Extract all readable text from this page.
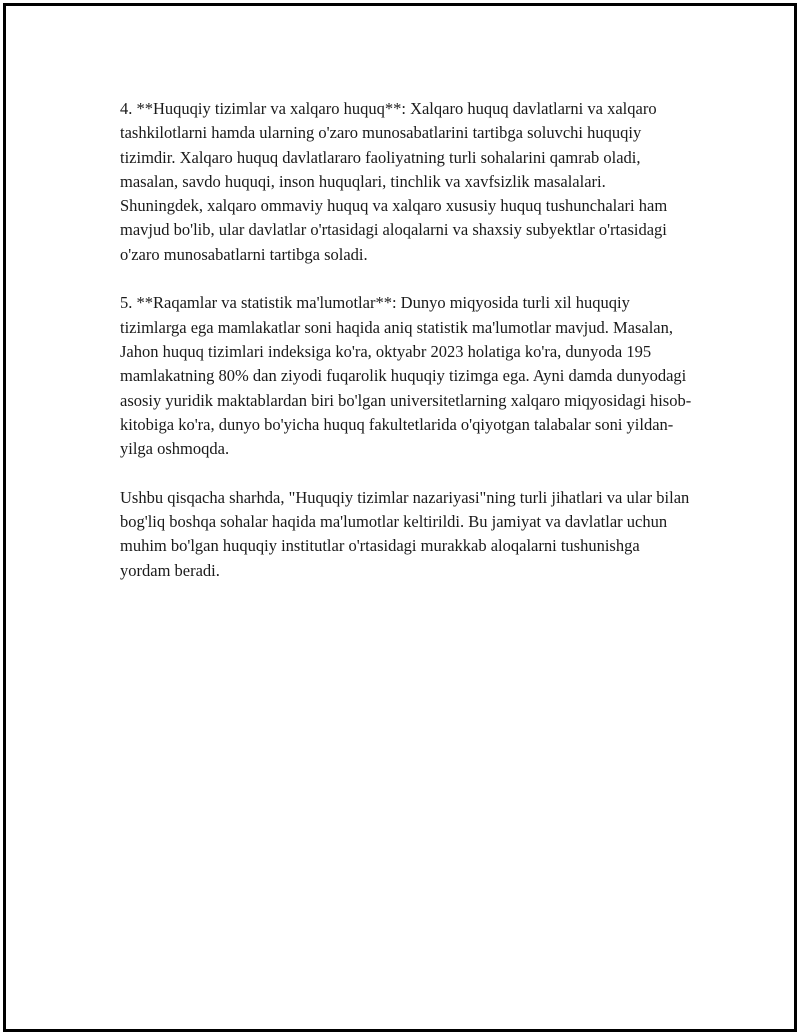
4. **Huquqiy tizimlar va xalqaro huquq**: Xalqaro huquq davlatlarni va xalqaro tashkilotlarni hamda ularning o'zaro munosabatlarini tartibga soluvchi huquqiy tizimdir. Xalqaro huquq davlatlararo faoliyatning turli sohalarini qamrab oladi, masalan, savdo huquqi, inson huquqlari, tinchlik va xavfsizlik masalalari. Shuningdek, xalqaro ommaviy huquq va xalqaro xususiy huquq tushunchalari ham mavjud bo'lib, ular davlatlar o'rtasidagi aloqalarni va shaxsiy subyektlar o'rtasidagi o'zaro munosabatlarni tartibga soladi.

5. **Raqamlar va statistik ma'lumotlar**: Dunyo miqyosida turli xil huquqiy tizimlarga ega mamlakatlar soni haqida aniq statistik ma'lumotlar mavjud. Masalan, Jahon huquq tizimlari indeksiga ko'ra, oktyabr 2023 holatiga ko'ra, dunyoda 195 mamlakatning 80% dan ziyodi fuqarolik huquqiy tizimga ega. Ayni damda dunyodagi asosiy yuridik maktablardan biri bo'lgan universitetlarning xalqaro miqyosidagi hisob-kitobiga ko'ra, dunyo bo'yicha huquq fakultetlarida o'qiyotgan talabalar soni yildan-yilga oshmoqda.

Ushbu qisqacha sharhda, "Huquqiy tizimlar nazariyasi"ning turli jihatlari va ular bilan bog'liq boshqa sohalar haqida ma'lumotlar keltirildi. Bu jamiyat va davlatlar uchun muhim bo'lgan huquqiy institutlar o'rtasidagi murakkab aloqalarni tushunishga yordam beradi.
